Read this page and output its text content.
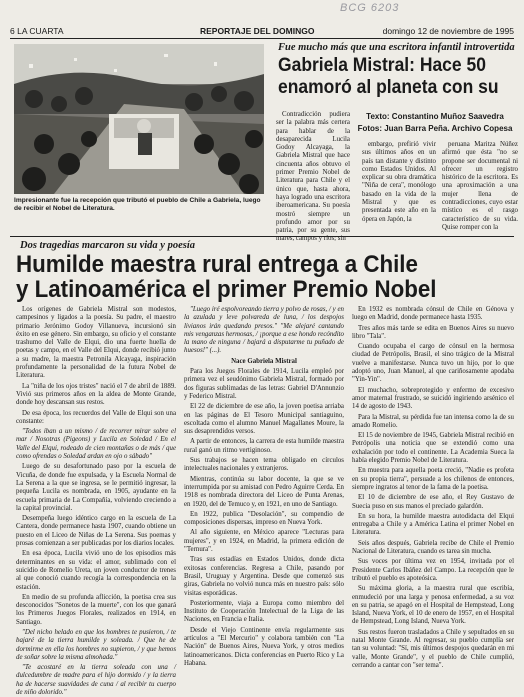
BCG 6203
6 LA CUARTA	REPORTAJE DEL DOMINGO	domingo 12 de noviembre de 1995
Impresionante fue la recepción que tributó el pueblo de Chile a Gabriela, luego de recibir el Nobel de Literatura.
Fue mucho más que una escritora infantil introvertida
Gabriela Mistral: Hace 50
enamoró al planeta con su
Texto: Constantino Muñoz Saavedra
Fotos: Juan Barra Peña. Archivo Copesa

Contradicción pudiera ser la palabra más certera para hablar de la desaparecida Lucila Godoy Alcayaga, la Gabriela Mistral que hace cincuenta años obtuvo el primer Premio Nobel de Literatura para Chile y el único que, hasta ahora, haya logrado una escritora iberoamericana. Su poesía mostró siempre un profundo amor por su patria, por su gente, sus mares, campos y ríos; sin

embargo, prefirió vivir sus últimos años en un país tan distante y distinto como Estados Unidos. Al explicar su obra dramática "Niña de cera", monólogo basado en la vida de la Mistral y que es presentada este año en la ópera en Japón, la

peruana Maritza Núñez afirmó que ésta "no se propone ser documental ni ofrecer un registro histórico de la escritora. Es una aproximación a una mujer llena de contradicciones, cuyo estar místico es el rasgo característico de su vida. Quise romper con la

Dos tragedias marcaron su vida y poesía
Humilde maestra rural entrega a Chile
y Latinoamérica el primer Premio Nobel

Los orígenes de Gabriela Mistral son modestos, campesinos y ligados a la poesía. Su padre, el maestro primario Jerónimo Godoy Villanueva, incursionó sin éxito en ese género. Sin embargo, su oficio y el constante trashumo del Valle de Elqui, dio una fuerte huella de poetas y campo, en el Valle del Elqui, donde recibió junto a su madre, la maestra Petronila Alcayaga, inspiración profundamente la personalidad de la futura Nobel de Literatura.

La "niña de los ojos tristes" nació el 7 de abril de 1889. Vivió sus primeros años en la aldea de Monte Grande, donde hoy descansan sus restos.

De esa época, los recuerdos del Valle de Elqui son una constante:

"Todos iban a un mismo / de recorrer mirar sobre el mar / Nosotras (Pigeons) y Lucila en Soledad / En el Valle del Elqui, rodeado de cien montañas o de más / que como ofrendas o Soledad ardan en ojo o sábado"

Luego de su desafortunado paso por la escuela de Vicuña, de donde fue expulsada, y la Escuela Normal de La Serena a la que se ingresa, se le permitió ingresar, la pequeña Lucila es nombrada, en 1905, ayudante en la escuela primaria de La Compañía, volviendo creciendo a la capital provincial.

Desempeña luego idéntico cargo en la escuela de La Cantera, donde permanece hasta 1907, cuando obtiene un puesto en el Liceo de Niñas de La Serena. Sus poemas y prosas comienzan a ser publicadas por los diarios locales.

En esa época, Lucila vivió uno de los episodios más determinantes en su vida: el amor, sublimado con el suicidio de Romelio Ureta, un joven conductor de trenes al que conoció cuando recogía la correspondencia en la estación.

En medio de su profunda aflicción, la poetisa crea sus desconocidos "Sonetos de la muerte", con los que ganará los Primeros Juegos Florales, realizados en 1914, en Santiago.

"Del nicho helado en que los hombres te pusieron, / te bajaré de la tierra humilde y soleada. / Que he de dormirme en ella los hombres no supieron, / y que hemos de soñar sobre la misma almohada."

"Te acostaré en la tierra soleada con una / dulcedumbre de madre para el hijo dormido / y la tierra ha de hacerse suavidades de cuna / al recibir tu cuerpo de niño dolorido."

"Luego iré espolvoreando tierra y polvo de rosas, / y en la azulada y leve polvareda de luna, / los despojos livianos irán quedando presos." "Me alejaré cantando mis venganzas hermosas, / ¡porque a ese hondo recóndito la mano de ninguna / bajará a disputarme tu puñado de huesos!" (...).

Nace Gabriela Mistral

Para los Juegos Florales de 1914, Lucila empleó por primera vez el seudónimo Gabriela Mistral, formado por dos figuras sublimadas de las letras: Gabriel D'Annunzio y Federico Mistral.

El 22 de diciembre de ese año, la joven poetisa arriaba en las páginas de El Tesoro Municipal santiaguino, escoltada como el alumno Manuel Magallanes Moure, la sus desaprendidos versos.

A partir de entonces, la carrera de esta humilde maestra rural ganó un ritmo vertiginoso.

Sus trabajos se hacen tema obligado en círculos intelectuales nacionales y extranjeros.

Mientras, continúa su labor docente, la que se ve interrumpida por su amistad con Pedro Aguirre Cerda. En 1918 es nombrada directora del Liceo de Punta Arenas, en 1920, del de Temuco y, en 1921, en uno de Santiago.

En 1922, publica "Desolación", su compendio de composiciones dispersas, impreso en Nueva York.

Al año siguiente, en México aparece "Lecturas para mujeres", y en 1924, en Madrid, la primera edición de "Ternura".

Tras sus estadías en Estados Unidos, donde dicta exitosas conferencias. Regresa a Chile, pasando por Brasil, Uruguay y Argentina. Desde que comenzó sus giras, Gabriela no volvió nunca más en nuestro país: sólo visitas esporádicas.

Posteriormente, viaja a Europa como miembro del Instituto de Cooperación Intelectual de la Liga de las Naciones, en Francia e Italia.

Desde el Viejo Continente envía regularmente sus artículos a "El Mercurio" y colabora también con "La Nación" de Buenos Aires, Nueva York, y otros medios latinoamericanos. Dicta conferencias en Puerto Rico y La Habana.

En 1932 es nombrada cónsul de Chile en Génova y luego en Madrid, donde permanece hasta 1935.

Tres años más tarde se edita en Buenos Aires su nuevo libro "Tala".

Cuando ocupaba el cargo de cónsul en la hermosa ciudad de Petrópolis, Brasil, el sino trágico de la Mistral vuelve a manifestarse. Nunca tuvo un hijo, por lo que adoptó uno, Juan Manuel, al que cariñosamente apodaba "Yin-Yin".

El muchacho, sobreprotegido y enfermo de excesivo amor maternal frustrado, se suicidó ingiriendo arsénico el 14 de agosto de 1943.

Para la Mistral, su pérdida fue tan intensa como la de su amado Romelio.

El 15 de noviembre de 1945, Gabriela Mistral recibió en Petrópolis una noticia que se extendió como una exhalación por todo el continente. La Academia Sueca la había elegido Premio Nobel de Literatura.

En muestra para aquella poeta creció, "Nadie es profeta en su propia tierra", persuade a los chilenos de entonces, siempre ingratos al tenor de la fama de la poetisa.

El 10 de diciembre de ese año, el Rey Gustavo de Suecia puso en sus manos el preciado galardón.

En su hora, la humilde maestra autodidacta del Elqui entregaba a Chile y a América Latina el primer Nobel en Literatura.

Seis años después, Gabriela recibe de Chile el Premio Nacional de Literatura, cuando es tarea sin mucha.

Sus voces por última vez en 1954, invitada por el Presidente Carlos Ibáñez del Campo. La recepción que le tributó el pueblo es apoteósica.

Su máxima gloria, a la maestra rural que escribía, enmudeció por una larga y penosa enfermedad, a su voz en su patria, se apagó en el Hospital de Hempstead, Long Island, Nueva York, el 10 de enero de 1957, en el Hospital de Hempstead, Long Island, Nueva York.

Sus restos fueron trasladados a Chile y sepultados en su natal Monte Grande. Al regresar, su pueblo cumplía ser tan su voluntad: "Sí, mis últimos despojos quedarán en mi valle, Monte Grande", y el pueblo de Chile cumplió, cerrando a cantar con "ser tema".
